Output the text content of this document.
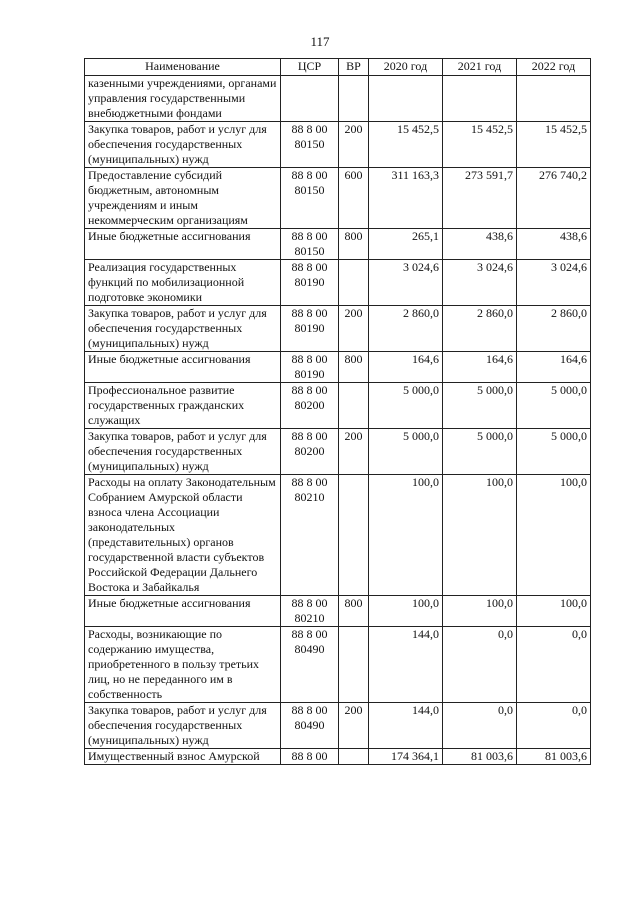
117
Наименование	ЦСР	ВР	2020 год	2021 год	2022 год
казенными учреждениями, органами управления государственными внебюджетными фондами					
Закупка товаров, работ и услуг для обеспечения государственных (муниципальных) нужд	88 8 00 80150	200	15 452,5	15 452,5	15 452,5
Предоставление субсидий бюджетным, автономным учреждениям и иным некоммерческим организациям	88 8 00 80150	600	311 163,3	273 591,7	276 740,2
Иные бюджетные ассигнования	88 8 00 80150	800	265,1	438,6	438,6
Реализация государственных функций по мобилизационной подготовке экономики	88 8 00 80190		3 024,6	3 024,6	3 024,6
Закупка товаров, работ и услуг для обеспечения государственных (муниципальных) нужд	88 8 00 80190	200	2 860,0	2 860,0	2 860,0
Иные бюджетные ассигнования	88 8 00 80190	800	164,6	164,6	164,6
Профессиональное развитие государственных гражданских служащих	88 8 00 80200		5 000,0	5 000,0	5 000,0
Закупка товаров, работ и услуг для обеспечения государственных (муниципальных) нужд	88 8 00 80200	200	5 000,0	5 000,0	5 000,0
Расходы на оплату Законодательным Собранием Амурской области взноса члена Ассоциации законодательных (представительных) органов государственной власти субъектов Российской Федерации Дальнего Востока и Забайкалья	88 8 00 80210		100,0	100,0	100,0
Иные бюджетные ассигнования	88 8 00 80210	800	100,0	100,0	100,0
Расходы, возникающие по содержанию имущества, приобретенного в пользу третьих лиц, но не переданного им в собственность	88 8 00 80490		144,0	0,0	0,0
Закупка товаров, работ и услуг для обеспечения государственных (муниципальных) нужд	88 8 00 80490	200	144,0	0,0	0,0
Имущественный взнос Амурской	88 8 00		174 364,1	81 003,6	81 003,6
